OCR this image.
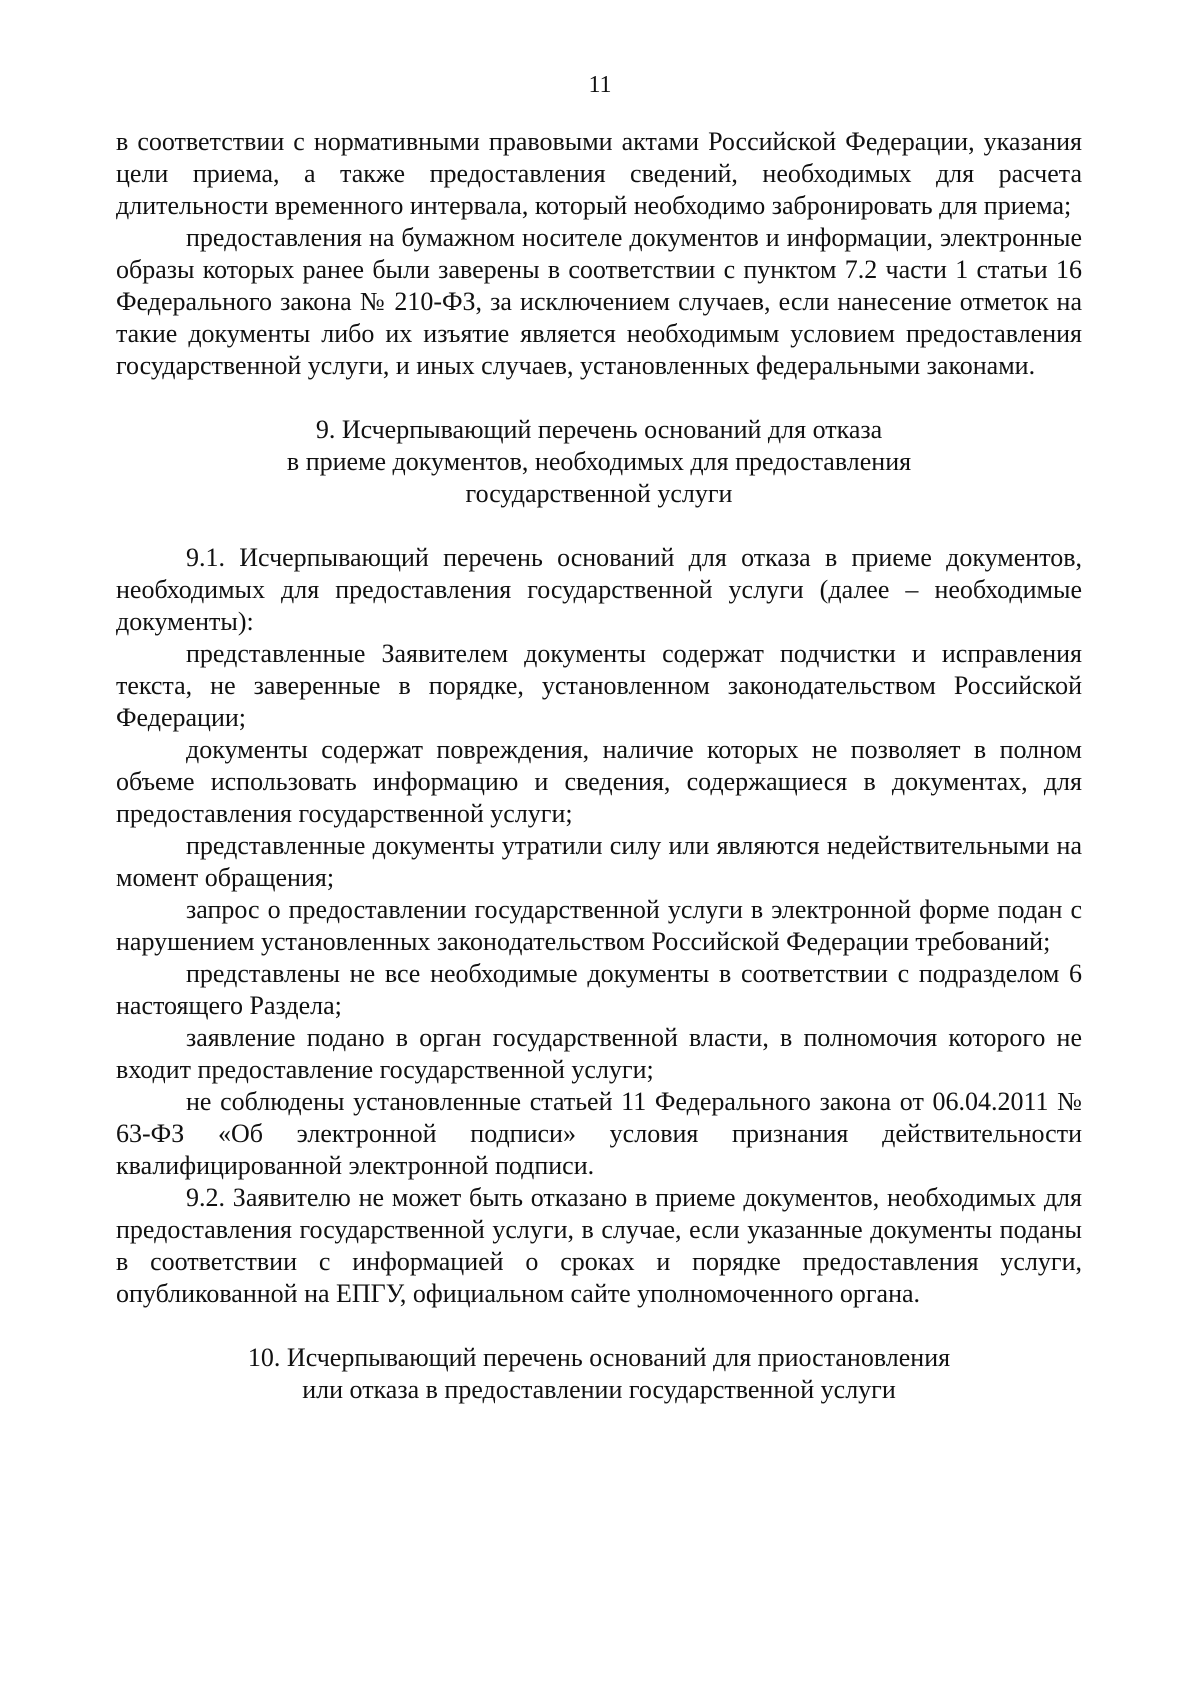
11

в соответствии с нормативными правовыми актами Российской Федерации, указания цели приема, а также предоставления сведений, необходимых для расчета длительности временного интервала, который необходимо забронировать для приема;

предоставления на бумажном носителе документов и информации, электронные образы которых ранее были заверены в соответствии с пунктом 7.2 части 1 статьи 16 Федерального закона № 210-ФЗ, за исключением случаев, если нанесение отметок на такие документы либо их изъятие является необходимым условием предоставления государственной услуги, и иных случаев, установленных федеральными законами.

9. Исчерпывающий перечень оснований для отказа
в приеме документов, необходимых для предоставления
государственной услуги

9.1. Исчерпывающий перечень оснований для отказа в приеме документов, необходимых для предоставления государственной услуги (далее – необходимые документы):

представленные Заявителем документы содержат подчистки и исправления текста, не заверенные в порядке, установленном законодательством Российской Федерации;

документы содержат повреждения, наличие которых не позволяет в полном объеме использовать информацию и сведения, содержащиеся в документах, для предоставления государственной услуги;

представленные документы утратили силу или являются недействительными на момент обращения;

запрос о предоставлении государственной услуги в электронной форме подан с нарушением установленных законодательством Российской Федерации требований;

представлены не все необходимые документы в соответствии с подразделом 6 настоящего Раздела;

заявление подано в орган государственной власти, в полномочия которого не входит предоставление государственной услуги;

не соблюдены установленные статьей 11 Федерального закона от 06.04.2011 № 63-ФЗ «Об электронной подписи» условия признания действительности квалифицированной электронной подписи.

9.2. Заявителю не может быть отказано в приеме документов, необходимых для предоставления государственной услуги, в случае, если указанные документы поданы в соответствии с информацией о сроках и порядке предоставления услуги, опубликованной на ЕПГУ, официальном сайте уполномоченного органа.

10. Исчерпывающий перечень оснований для приостановления
или отказа в предоставлении государственной услуги
